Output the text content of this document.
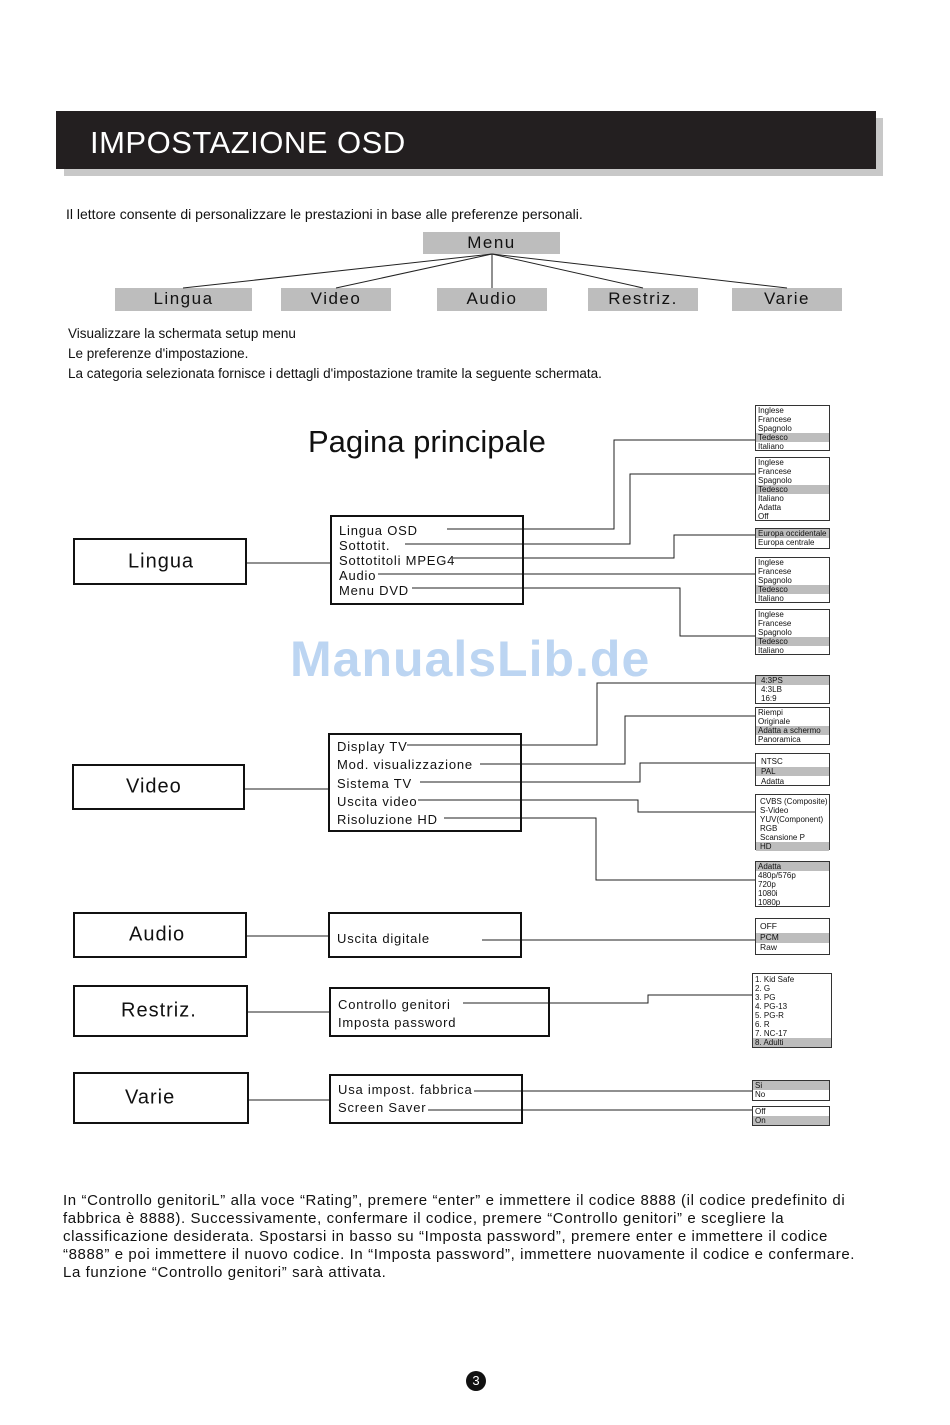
IMPOSTAZIONE OSD
Il lettore consente di personalizzare le prestazioni in base alle preferenze personali.
Menu
Lingua	Video	Audio	Restriz.	Varie
Visualizzare la schermata setup menu
Le preferenze d'impostazione.
La categoria selezionata fornisce i dettagli d'impostazione tramite la seguente schermata.
Pagina principale
ManualsLib.de
Lingua
Video
Audio
Restriz.
Varie
Lingua OSD
Sottotit.
Sottotitoli MPEG4
Audio
Menu DVD
Display TV
Mod. visualizzazione
Sistema TV
Uscita video
Risoluzione HD
Uscita digitale
Controllo genitori
Imposta password
Usa impost. fabbrica
Screen Saver
Inglese
Francese
Spagnolo
Tedesco
Italiano
Inglese
Francese
Spagnolo
Tedesco
Italiano
Adatta
Off
Europa occidentale
Europa centrale
Inglese
Francese
Spagnolo
Tedesco
Italiano
Inglese
Francese
Spagnolo
Tedesco
Italiano
4:3PS
4:3LB
16:9
Riempi
Originale
Adatta a schermo
Panoramica
NTSC
PAL
Adatta
CVBS (Composite)
S-Video
YUV(Component)
RGB
Scansione P
HD
Adatta
480p/576p
720p
1080i
1080p
OFF
PCM
Raw
1. Kid Safe
2. G
3. PG
4. PG-13
5. PG-R
6. R
7. NC-17
8. Adulti
Si
No
Off
On
In “Controllo genitoriL” alla voce “Rating”, premere “enter” e immettere il codice 8888 (il codice predefinito di fabbrica è 8888). Successivamente, confermare il codice, premere “Controllo genitori” e scegliere la classificazione desiderata. Spostarsi in basso su “Imposta password”, premere enter e immettere il codice “8888” e poi immettere il nuovo codice. In “Imposta password”, immettere nuovamente il codice e confermare. La funzione “Controllo genitori” sarà attivata.
3
